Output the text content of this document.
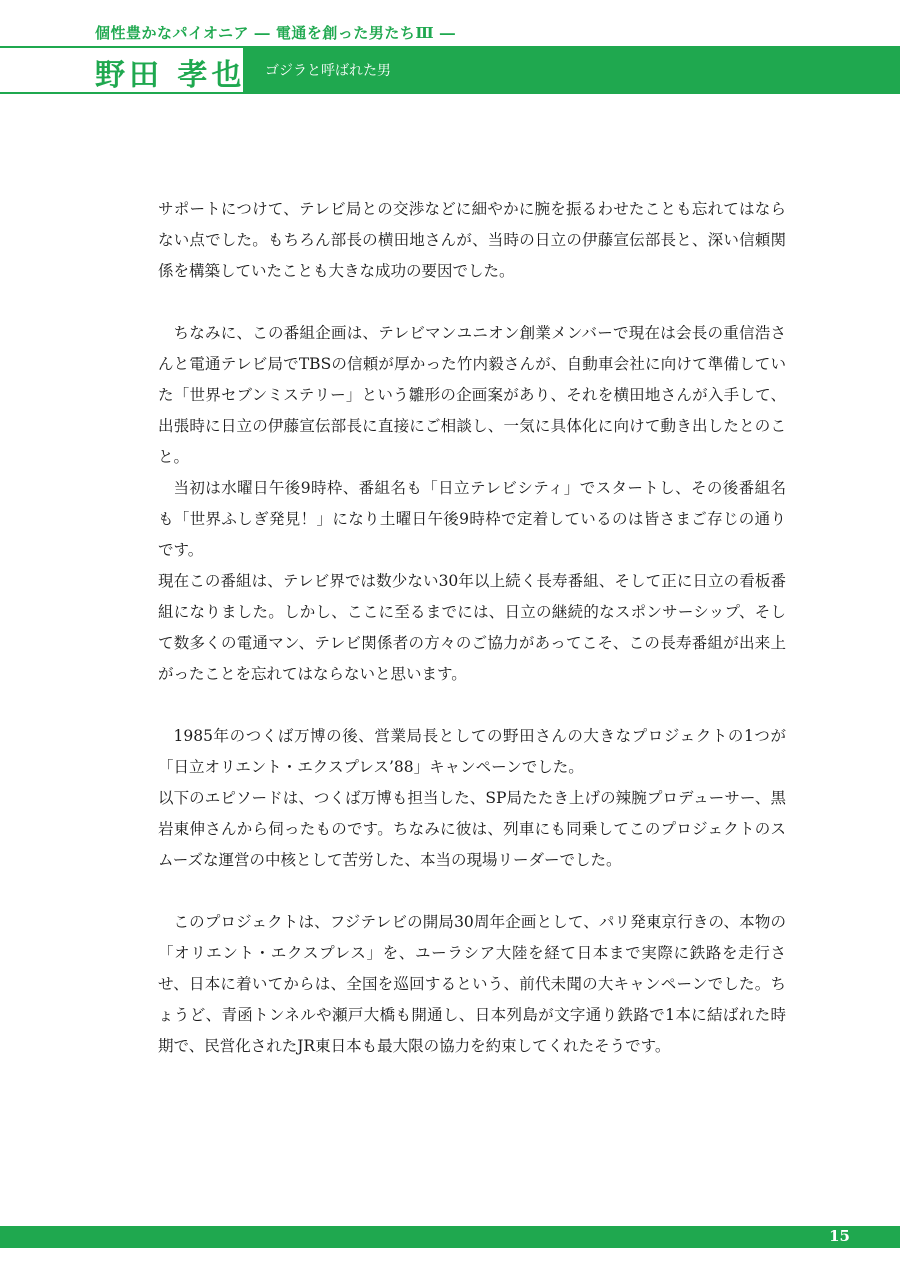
個性豊かなパイオニア ― 電通を創った男たちⅢ ―
野田 孝也 ゴジラと呼ばれた男

サポートにつけて、テレビ局との交渉などに細やかに腕を振るわせたことも忘れてはならない点でした。もちろん部長の横田地さんが、当時の日立の伊藤宣伝部長と、深い信頼関係を構築していたことも大きな成功の要因でした。

ちなみに、この番組企画は、テレビマンユニオン創業メンバーで現在は会長の重信浩さんと電通テレビ局でTBSの信頼が厚かった竹内毅さんが、自動車会社に向けて準備していた「世界セブンミステリー」という雛形の企画案があり、それを横田地さんが入手して、出張時に日立の伊藤宣伝部長に直接にご相談し、一気に具体化に向けて動き出したとのこと。

当初は水曜日午後9時枠、番組名も「日立テレビシティ」でスタートし、その後番組名も「世界ふしぎ発見！」になり土曜日午後9時枠で定着しているのは皆さまご存じの通りです。

現在この番組は、テレビ界では数少ない30年以上続く長寿番組、そして正に日立の看板番組になりました。しかし、ここに至るまでには、日立の継続的なスポンサーシップ、そして数多くの電通マン、テレビ関係者の方々のご協力があってこそ、この長寿番組が出来上がったことを忘れてはならないと思います。

1985年のつくば万博の後、営業局長としての野田さんの大きなプロジェクトの1つが「日立オリエント・エクスプレス’88」キャンペーンでした。

以下のエピソードは、つくば万博も担当した、SP局たたき上げの辣腕プロデューサー、黒岩東伸さんから伺ったものです。ちなみに彼は、列車にも同乗してこのプロジェクトのスムーズな運営の中核として苦労した、本当の現場リーダーでした。

このプロジェクトは、フジテレビの開局30周年企画として、パリ発東京行きの、本物の「オリエント・エクスプレス」を、ユーラシア大陸を経て日本まで実際に鉄路を走行させ、日本に着いてからは、全国を巡回するという、前代未聞の大キャンペーンでした。ちょうど、青函トンネルや瀬戸大橋も開通し、日本列島が文字通り鉄路で1本に結ばれた時期で、民営化されたJR東日本も最大限の協力を約束してくれたそうです。

15
